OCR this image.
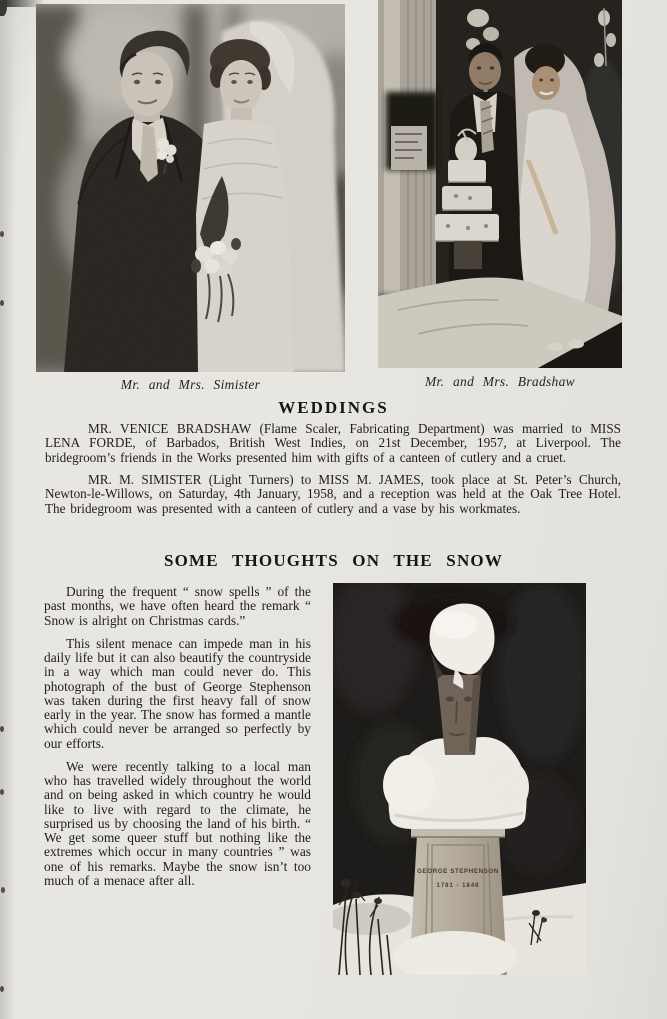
Mr. and Mrs. Simister	Mr. and Mrs. Bradshaw
WEDDINGS

MR. VENICE BRADSHAW (Flame Scaler, Fabricating Department) was married to MISS LENA FORDE, of Barbados, British West Indies, on 21st December, 1957, at Liverpool. The bridegroom’s friends in the Works presented him with gifts of a canteen of cutlery and a cruet.

MR. M. SIMISTER (Light Turners) to MISS M. JAMES, took place at St. Peter’s Church, Newton-le-Willows, on Saturday, 4th January, 1958, and a reception was held at the Oak Tree Hotel. The bridegroom was presented with a canteen of cutlery and a vase by his workmates.

SOME THOUGHTS ON THE SNOW

During the frequent “ snow spells ” of the past months, we have often heard the remark “ Snow is alright on Christmas cards.”

This silent menace can impede man in his daily life but it can also beautify the countryside in a way which man could never do. This photograph of the bust of George Stephenson was taken during the first heavy fall of snow early in the year. The snow has formed a mantle which could never be arranged so perfectly by our efforts.

We were recently talking to a local man who has travelled widely throughout the world and on being asked in which country he would like to live with regard to the climate, he surprised us by choosing the land of his birth. “ We get some queer stuff but nothing like the extremes which occur in many countries ” was one of his remarks. Maybe the snow isn’t too much of a menace after all.

GEORGE STEPHENSON
1781 - 1848
